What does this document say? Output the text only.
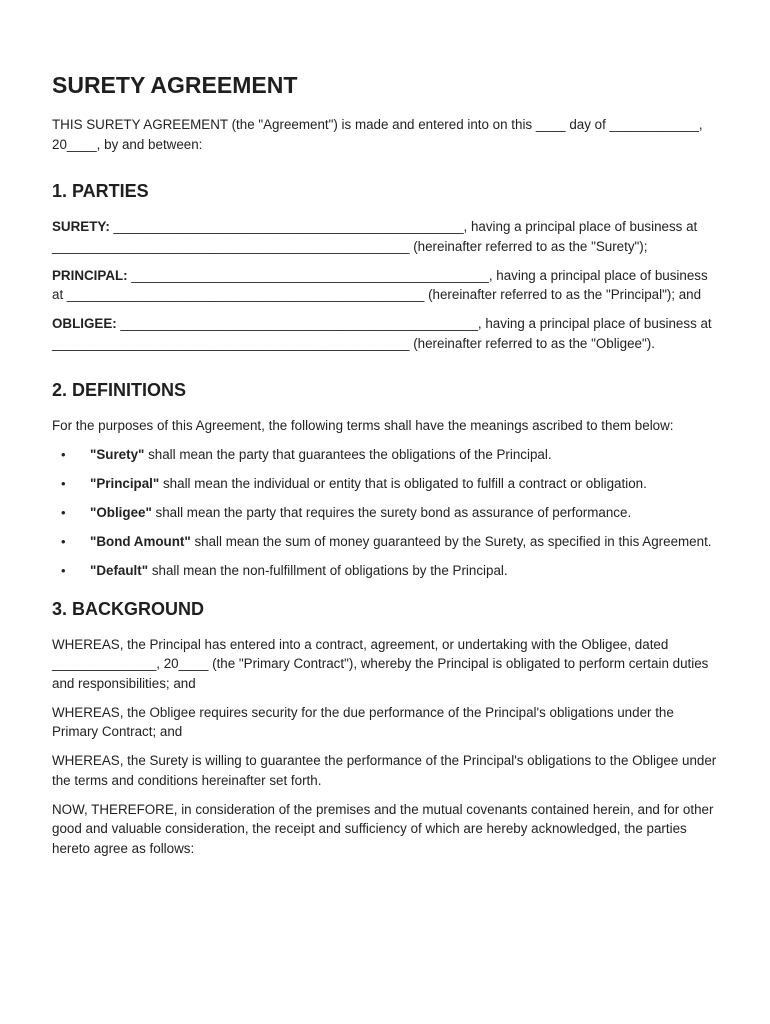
SURETY AGREEMENT

THIS SURETY AGREEMENT (the "Agreement") is made and entered into on this ____ day of ____________, 20____, by and between:

1. PARTIES

SURETY: _______________________________________________, having a principal place of business at ________________________________________________ (hereinafter referred to as the "Surety");

PRINCIPAL: ________________________________________________, having a principal place of business at ________________________________________________ (hereinafter referred to as the "Principal"); and

OBLIGEE: ________________________________________________, having a principal place of business at ________________________________________________ (hereinafter referred to as the "Obligee").

2. DEFINITIONS

For the purposes of this Agreement, the following terms shall have the meanings ascribed to them below:

• "Surety" shall mean the party that guarantees the obligations of the Principal.
• "Principal" shall mean the individual or entity that is obligated to fulfill a contract or obligation.
• "Obligee" shall mean the party that requires the surety bond as assurance of performance.
• "Bond Amount" shall mean the sum of money guaranteed by the Surety, as specified in this Agreement.
• "Default" shall mean the non-fulfillment of obligations by the Principal.
3. BACKGROUND

WHEREAS, the Principal has entered into a contract, agreement, or undertaking with the Obligee, dated ______________, 20____ (the "Primary Contract"), whereby the Principal is obligated to perform certain duties and responsibilities; and

WHEREAS, the Obligee requires security for the due performance of the Principal's obligations under the Primary Contract; and

WHEREAS, the Surety is willing to guarantee the performance of the Principal's obligations to the Obligee under the terms and conditions hereinafter set forth.

NOW, THEREFORE, in consideration of the premises and the mutual covenants contained herein, and for other good and valuable consideration, the receipt and sufficiency of which are hereby acknowledged, the parties hereto agree as follows:
